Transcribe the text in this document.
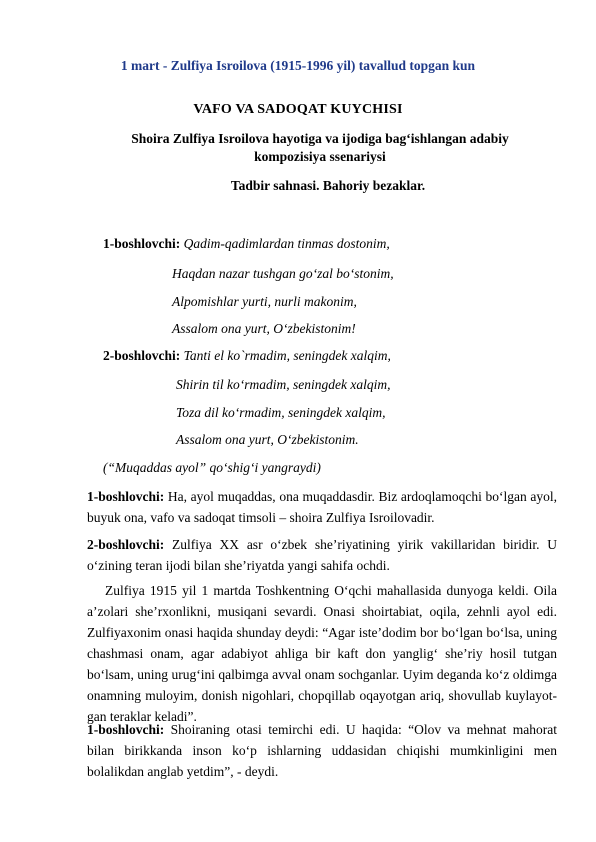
1 mart - Zulfiya Isroilova (1915-1996 yil) tavallud topgan kun
VAFO VA SADOQAT KUYCHISI
Shoira Zulfiya Isroilova hayotiga va ijodiga bag‘ishlangan adabiy
kompozisiya ssenariysi
Tadbir sahnasi. Bahoriy bezaklar.
1-boshlovchi: Qadim-qadimlardan tinmas dostonim,
Haqdan nazar tushgan go‘zal bo‘stonim,
Alpomishlar yurti, nurli makonim,
Assalom ona yurt, O‘zbekistonim!
2-boshlovchi: Tanti el ko`rmadim, seningdek xalqim,
Shirin til ko‘rmadim, seningdek xalqim,
Toza dil ko‘rmadim, seningdek xalqim,
Assalom ona yurt, O‘zbekistonim.
(“Muqaddas ayol” qo‘shig‘i yangraydi)
1-boshlovchi: Ha, ayol muqaddas, ona muqaddasdir. Biz ardoqlamoqchi bo‘lgan ayol, buyuk ona, vafo va sadoqat timsoli – shoira Zulfiya Isroilovadir.
2-boshlovchi: Zulfiya XX asr o‘zbek she’riyatining yirik vakillaridan biridir. U o‘zining teran ijodi bilan she’riyatda yangi sahifa ochdi.
Zulfiya 1915 yil 1 martda Toshkentning O‘qchi mahallasida dunyoga keldi. Oila a’zolari she’rxonlikni, musiqani sevardi. Onasi shoirtabiat, oqila, zehnli ayol edi. Zulfiyaxonim onasi haqida shunday deydi: “Agar iste’dodim bor bo‘lgan bo‘lsa, uning chashmasi onam, agar adabiyot ahliga bir kaft don yanglig‘ she’riy hosil tutgan bo‘lsam, uning urug‘ini qalbimga avval onam sochganlar. Uyim deganda ko‘z oldimga onamning muloyim, donish nigohlari, chopqillab oqayotgan ariq, shovullab kuylayot- gan teraklar keladi”.
1-boshlovchi: Shoiraning otasi temirchi edi. U haqida: “Olov va mehnat mahorat bilan birikkanda inson ko‘p ishlarning uddasidan chiqishi mumkinligini men bolalikdan anglab yetdim”, - deydi.
